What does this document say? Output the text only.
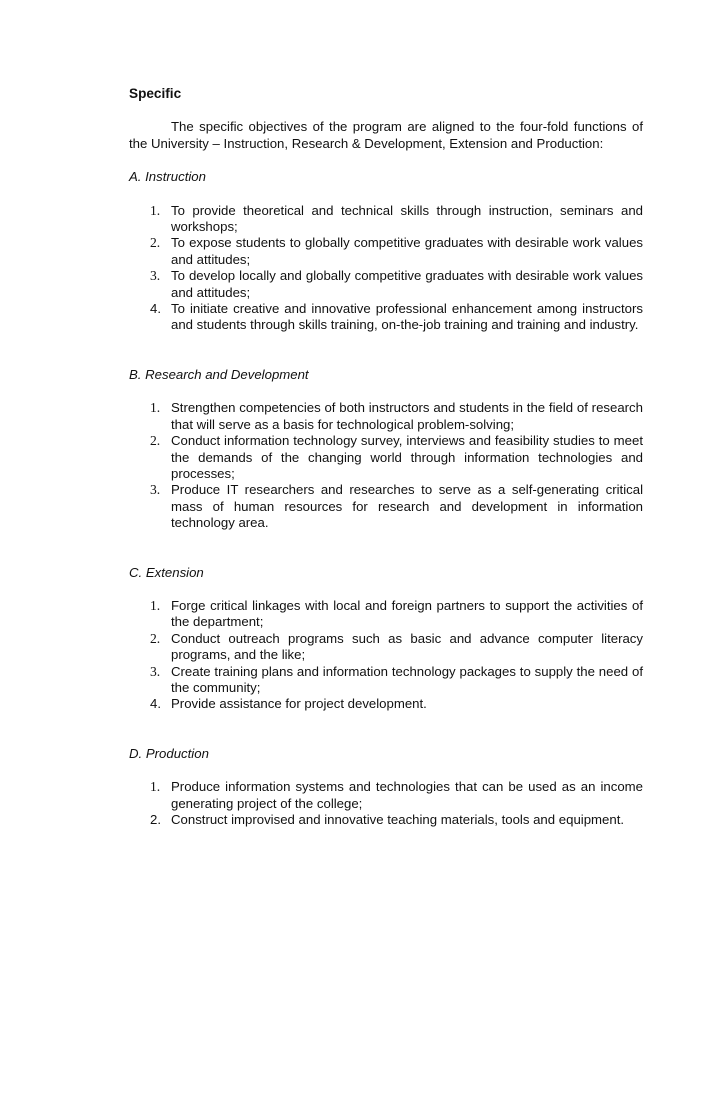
Specific

The specific objectives of the program are aligned to the four-fold functions of the University – Instruction, Research & Development, Extension and Production:

A. Instruction
1. To provide theoretical and technical skills through instruction, seminars and workshops;
2. To expose students to globally competitive graduates with desirable work values and attitudes;
3. To develop locally and globally competitive graduates with desirable work values and attitudes;
4. To initiate creative and innovative professional enhancement among instructors and students through skills training, on-the-job training and training and industry.
B. Research and Development
1. Strengthen competencies of both instructors and students in the field of research that will serve as a basis for technological problem-solving;
2. Conduct information technology survey, interviews and feasibility studies to meet the demands of the changing world through information technologies and processes;
3. Produce IT researchers and researches to serve as a self-generating critical mass of human resources for research and development in information technology area.
C. Extension
1. Forge critical linkages with local and foreign partners to support the activities of the department;
2. Conduct outreach programs such as basic and advance computer literacy programs, and the like;
3. Create training plans and information technology packages to supply the need of the community;
4. Provide assistance for project development.
D. Production
1. Produce information systems and technologies that can be used as an income generating project of the college;
2. Construct improvised and innovative teaching materials, tools and equipment.
